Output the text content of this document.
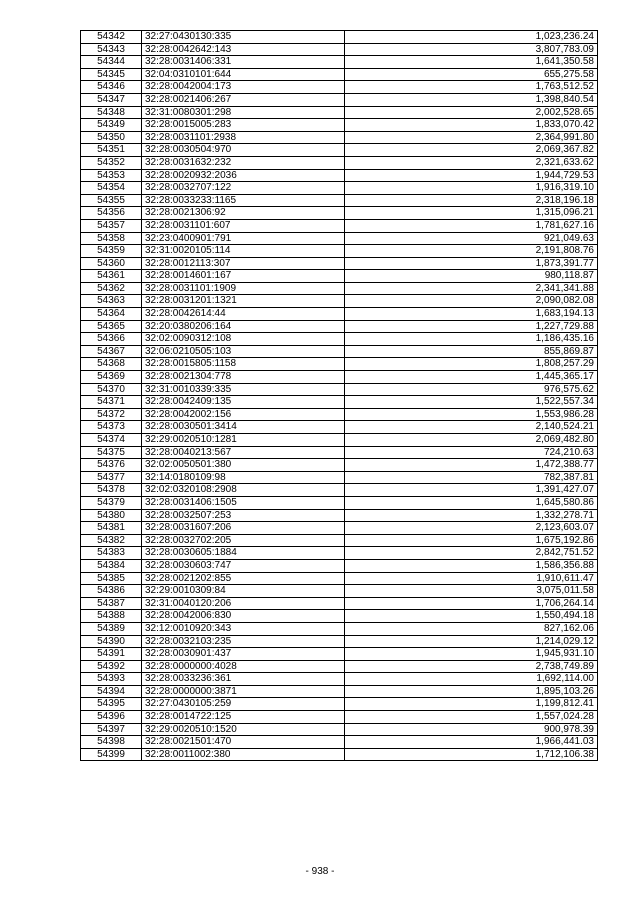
54342	32:27:0430130:335	1,023,236.24
54343	32:28:0042642:143	3,807,783.09
54344	32:28:0031406:331	1,641,350.58
54345	32:04:0310101:644	655,275.58
54346	32:28:0042004:173	1,763,512.52
54347	32:28:0021406:267	1,398,840.54
54348	32:31:0080301:298	2,002,528.65
54349	32:28:0015005:283	1,833,070.42
54350	32:28:0031101:2938	2,364,991.80
54351	32:28:0030504:970	2,069,367.82
54352	32:28:0031632:232	2,321,633.62
54353	32:28:0020932:2036	1,944,729.53
54354	32:28:0032707:122	1,916,319.10
54355	32:28:0033233:1165	2,318,196.18
54356	32:28:0021306:92	1,315,096.21
54357	32:28:0031101:607	1,781,627.16
54358	32:23:0400901:791	921,049.63
54359	32:31:0020105:114	2,191,808.76
54360	32:28:0012113:307	1,873,391.77
54361	32:28:0014601:167	980,118.87
54362	32:28:0031101:1909	2,341,341.88
54363	32:28:0031201:1321	2,090,082.08
54364	32:28:0042614:44	1,683,194.13
54365	32:20:0380206:164	1,227,729.88
54366	32:02:0090312:108	1,186,435.16
54367	32:06:0210505:103	855,869.87
54368	32:28:0015805:1158	1,808,257.29
54369	32:28:0021304:778	1,445,365.17
54370	32:31:0010339:335	976,575.62
54371	32:28:0042409:135	1,522,557.34
54372	32:28:0042002:156	1,553,986.28
54373	32:28:0030501:3414	2,140,524.21
54374	32:29:0020510:1281	2,069,482.80
54375	32:28:0040213:567	724,210.63
54376	32:02:0050501:380	1,472,388.77
54377	32:14:0180109:98	782,387.81
54378	32:02:0320108:2908	1,391,427.07
54379	32:28:0031406:1505	1,645,580.86
54380	32:28:0032507:253	1,332,278.71
54381	32:28:0031607:206	2,123,603.07
54382	32:28:0032702:205	1,675,192.86
54383	32:28:0030605:1884	2,842,751.52
54384	32:28:0030603:747	1,586,356.88
54385	32:28:0021202:855	1,910,611.47
54386	32:29:0010309:84	3,075,011.58
54387	32:31:0040120:206	1,706,264.14
54388	32:28:0042006:830	1,550,494.18
54389	32:12:0010920:343	827,162.06
54390	32:28:0032103:235	1,214,029.12
54391	32:28:0030901:437	1,945,931.10
54392	32:28:0000000:4028	2,738,749.89
54393	32:28:0033236:361	1,692,114.00
54394	32:28:0000000:3871	1,895,103.26
54395	32:27:0430105:259	1,199,812.41
54396	32:28:0014722:125	1,557,024.28
54397	32:29:0020510:1520	900,978.39
54398	32:28:0021501:470	1,966,441.03
54399	32:28:0011002:380	1,712,106.38
- 938 -
